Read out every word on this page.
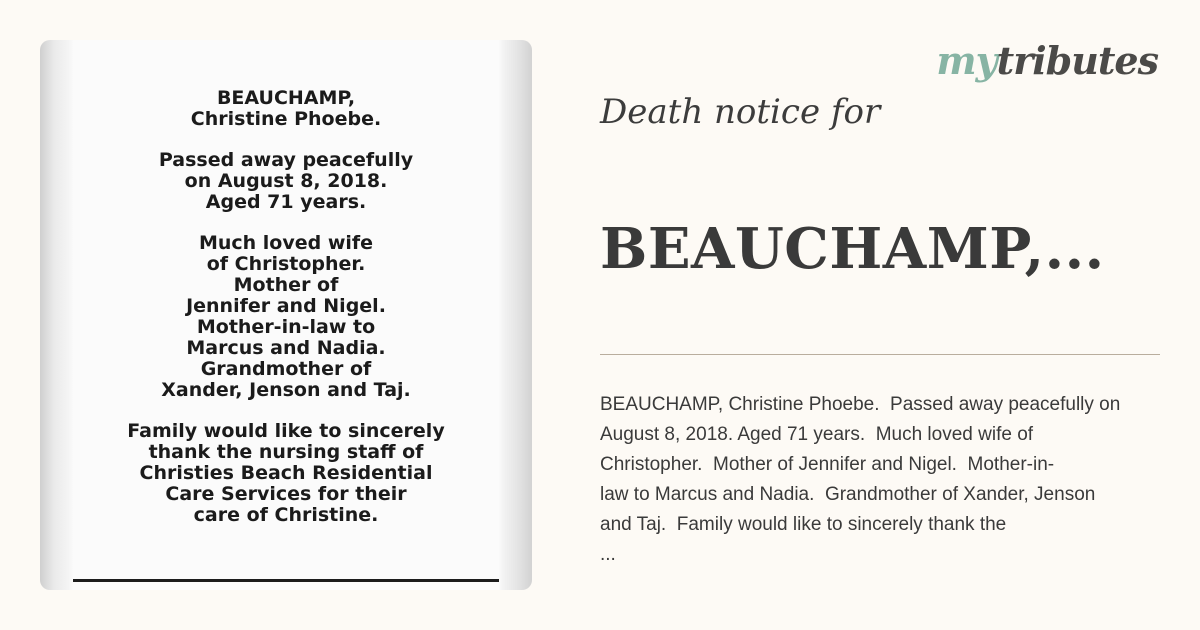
BEAUCHAMP,
Christine Phoebe.
Passed away peacefully
on August 8, 2018.
Aged 71 years.
Much loved wife
of Christopher.
Mother of
Jennifer and Nigel.
Mother-in-law to
Marcus and Nadia.
Grandmother of
Xander, Jenson and Taj.
Family would like to sincerely
thank the nursing staff of
Christies Beach Residential
Care Services for their
care of Christine.
mytributes
Death notice for
BEAUCHAMP,...
BEAUCHAMP, Christine Phoebe.  Passed away peacefully on
August 8, 2018. Aged 71 years.  Much loved wife of
Christopher.  Mother of Jennifer and Nigel.  Mother-in-
law to Marcus and Nadia.  Grandmother of Xander, Jenson
and Taj.  Family would like to sincerely thank the
...
